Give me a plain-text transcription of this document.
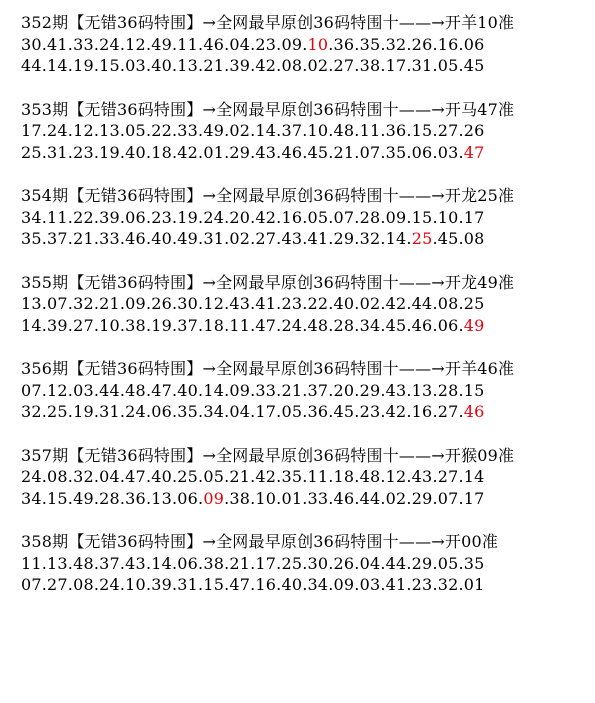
352期【无错36码特围】→全网最早原创36码特围十——→开羊10准
30.41.33.24.12.49.11.46.04.23.09.10.36.35.32.26.16.06
44.14.19.15.03.40.13.21.39.42.08.02.27.38.17.31.05.45
353期【无错36码特围】→全网最早原创36码特围十——→开马47准
17.24.12.13.05.22.33.49.02.14.37.10.48.11.36.15.27.26
25.31.23.19.40.18.42.01.29.43.46.45.21.07.35.06.03.47
354期【无错36码特围】→全网最早原创36码特围十——→开龙25准
34.11.22.39.06.23.19.24.20.42.16.05.07.28.09.15.10.17
35.37.21.33.46.40.49.31.02.27.43.41.29.32.14.25.45.08
355期【无错36码特围】→全网最早原创36码特围十——→开龙49准
13.07.32.21.09.26.30.12.43.41.23.22.40.02.42.44.08.25
14.39.27.10.38.19.37.18.11.47.24.48.28.34.45.46.06.49
356期【无错36码特围】→全网最早原创36码特围十——→开羊46准
07.12.03.44.48.47.40.14.09.33.21.37.20.29.43.13.28.15
32.25.19.31.24.06.35.34.04.17.05.36.45.23.42.16.27.46
357期【无错36码特围】→全网最早原创36码特围十——→开猴09准
24.08.32.04.47.40.25.05.21.42.35.11.18.48.12.43.27.14
34.15.49.28.36.13.06.09.38.10.01.33.46.44.02.29.07.17
358期【无错36码特围】→全网最早原创36码特围十——→开00准
11.13.48.37.43.14.06.38.21.17.25.30.26.04.44.29.05.35
07.27.08.24.10.39.31.15.47.16.40.34.09.03.41.23.32.01
